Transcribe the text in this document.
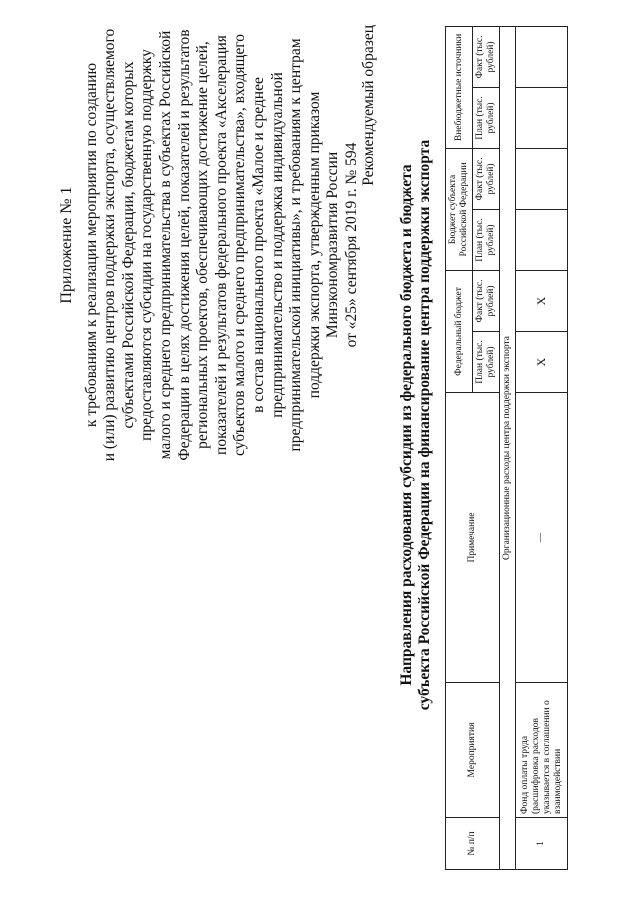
Приложение № 1 к требованиям к реализации мероприятия по созданию и (или) развитию центров поддержки экспорта, осуществляемого субъектами Российской Федерации, бюджетам которых предоставляются субсидии на государственную поддержку малого и среднего предпринимательства в субъектах Российской Федерации в целях достижения целей, показателей и результатов региональных проектов, обеспечивающих достижение целей, показателей и результатов федерального проекта «Акселерация субъектов малого и среднего предпринимательства», входящего в состав национального проекта «Малое и среднее предпринимательство и поддержка индивидуальной предпринимательской инициативы», и требованиям к центрам поддержки экспорта, утвержденным приказом Минэкономразвития России от «25» сентября 2019 г. № 594
Рекомендуемый образец
Направления расходования субсидии из федерального бюджета и бюджета субъекта Российской Федерации на финансирование центра поддержки экспорта
№ п/п	Мероприятия	Примечание	Федеральный бюджет		Бюджет субъекта Российской Федерации		Внебюджетные источники	
			План (тыс. рублей)	Факт (тыс. рублей)	План (тыс. рублей)	Факт (тыс. рублей)	План (тыс. рублей)	Факт (тыс. рублей)
Организационные расходы центра поддержки экспорта								
1	Фонд оплаты труда (расшифровка расходов указывается в соглашении о взаимодействии	—	Х	Х				
